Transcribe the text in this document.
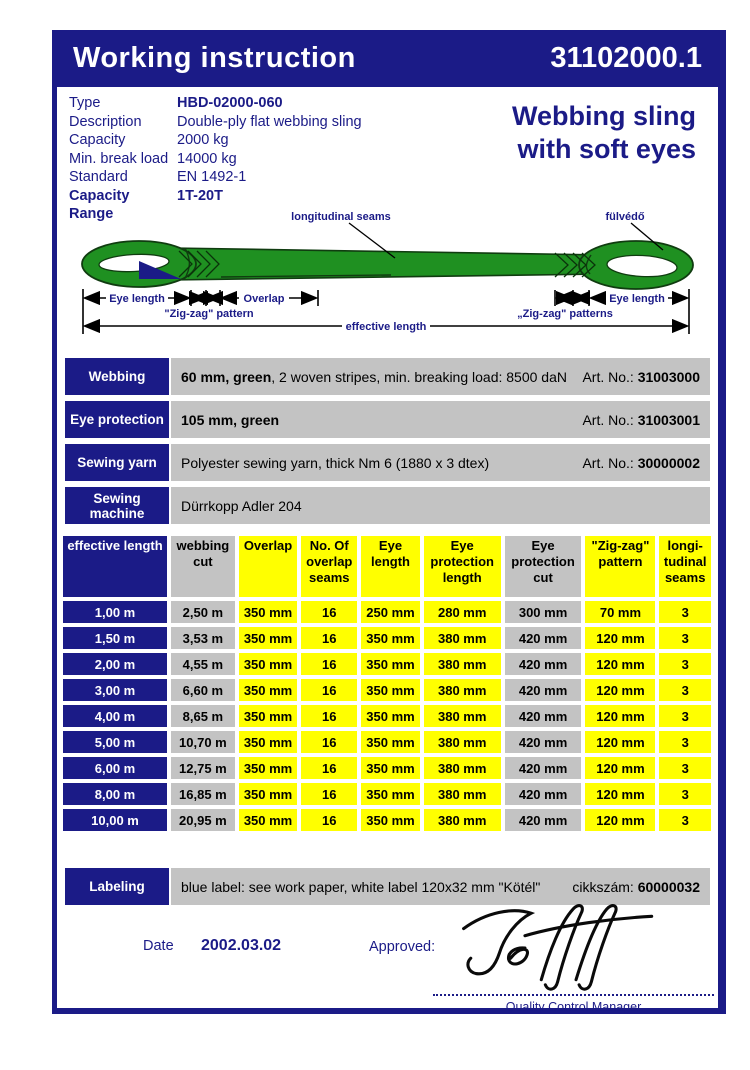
Working instruction	31102000.1
Type	HBD-02000-060
Description	Double-ply flat webbing sling
Capacity	2000 kg
Min. break load 14000 kg
Standard	EN 1492-1
Capacity Range
1T-20T
Webbing sling
with soft eyes
longitudinal seams	fülvédő
Eye length	Overlap	Eye length
"Zig-zag" pattern	„Zig-zag" patterns
effective length
Webbing	60 mm, green, 2 woven stripes, min. breaking load: 8500 daN	Art. No.: 31003000
Eye protection	105 mm, green	Art. No.: 31003001
Sewing yarn	Polyester sewing yarn, thick Nm 6 (1880 x 3 dtex)	Art. No.: 30000002
Sewing machine	Dürrkopp Adler 204
effective length	webbing
cut

Overlap	No. Of
overlap
seams

Eye
length

Eye
protection
length

Eye
protection
cut

"Zig-zag"
pattern

longi-
tudinal
seams

1,00 m	2,50 m	350 mm	16	250 mm	280 mm	300 mm	70 mm	3
1,50 m	3,53 m	350 mm	16	350 mm	380 mm	420 mm	120 mm	3
2,00 m	4,55 m	350 mm	16	350 mm	380 mm	420 mm	120 mm	3
3,00 m	6,60 m	350 mm	16	350 mm	380 mm	420 mm	120 mm	3
4,00 m	8,65 m	350 mm	16	350 mm	380 mm	420 mm	120 mm	3
5,00 m	10,70 m	350 mm	16	350 mm	380 mm	420 mm	120 mm	3
6,00 m	12,75 m	350 mm	16	350 mm	380 mm	420 mm	120 mm	3
8,00 m	16,85 m	350 mm	16	350 mm	380 mm	420 mm	120 mm	3
10,00 m	20,95 m	350 mm	16	350 mm	380 mm	420 mm	120 mm	3
Labeling	blue label: see work paper, white label 120x32 mm "Kötél"	cikkszám: 60000032
Date 2002.03.02	Approved:
Quality Control Manager
